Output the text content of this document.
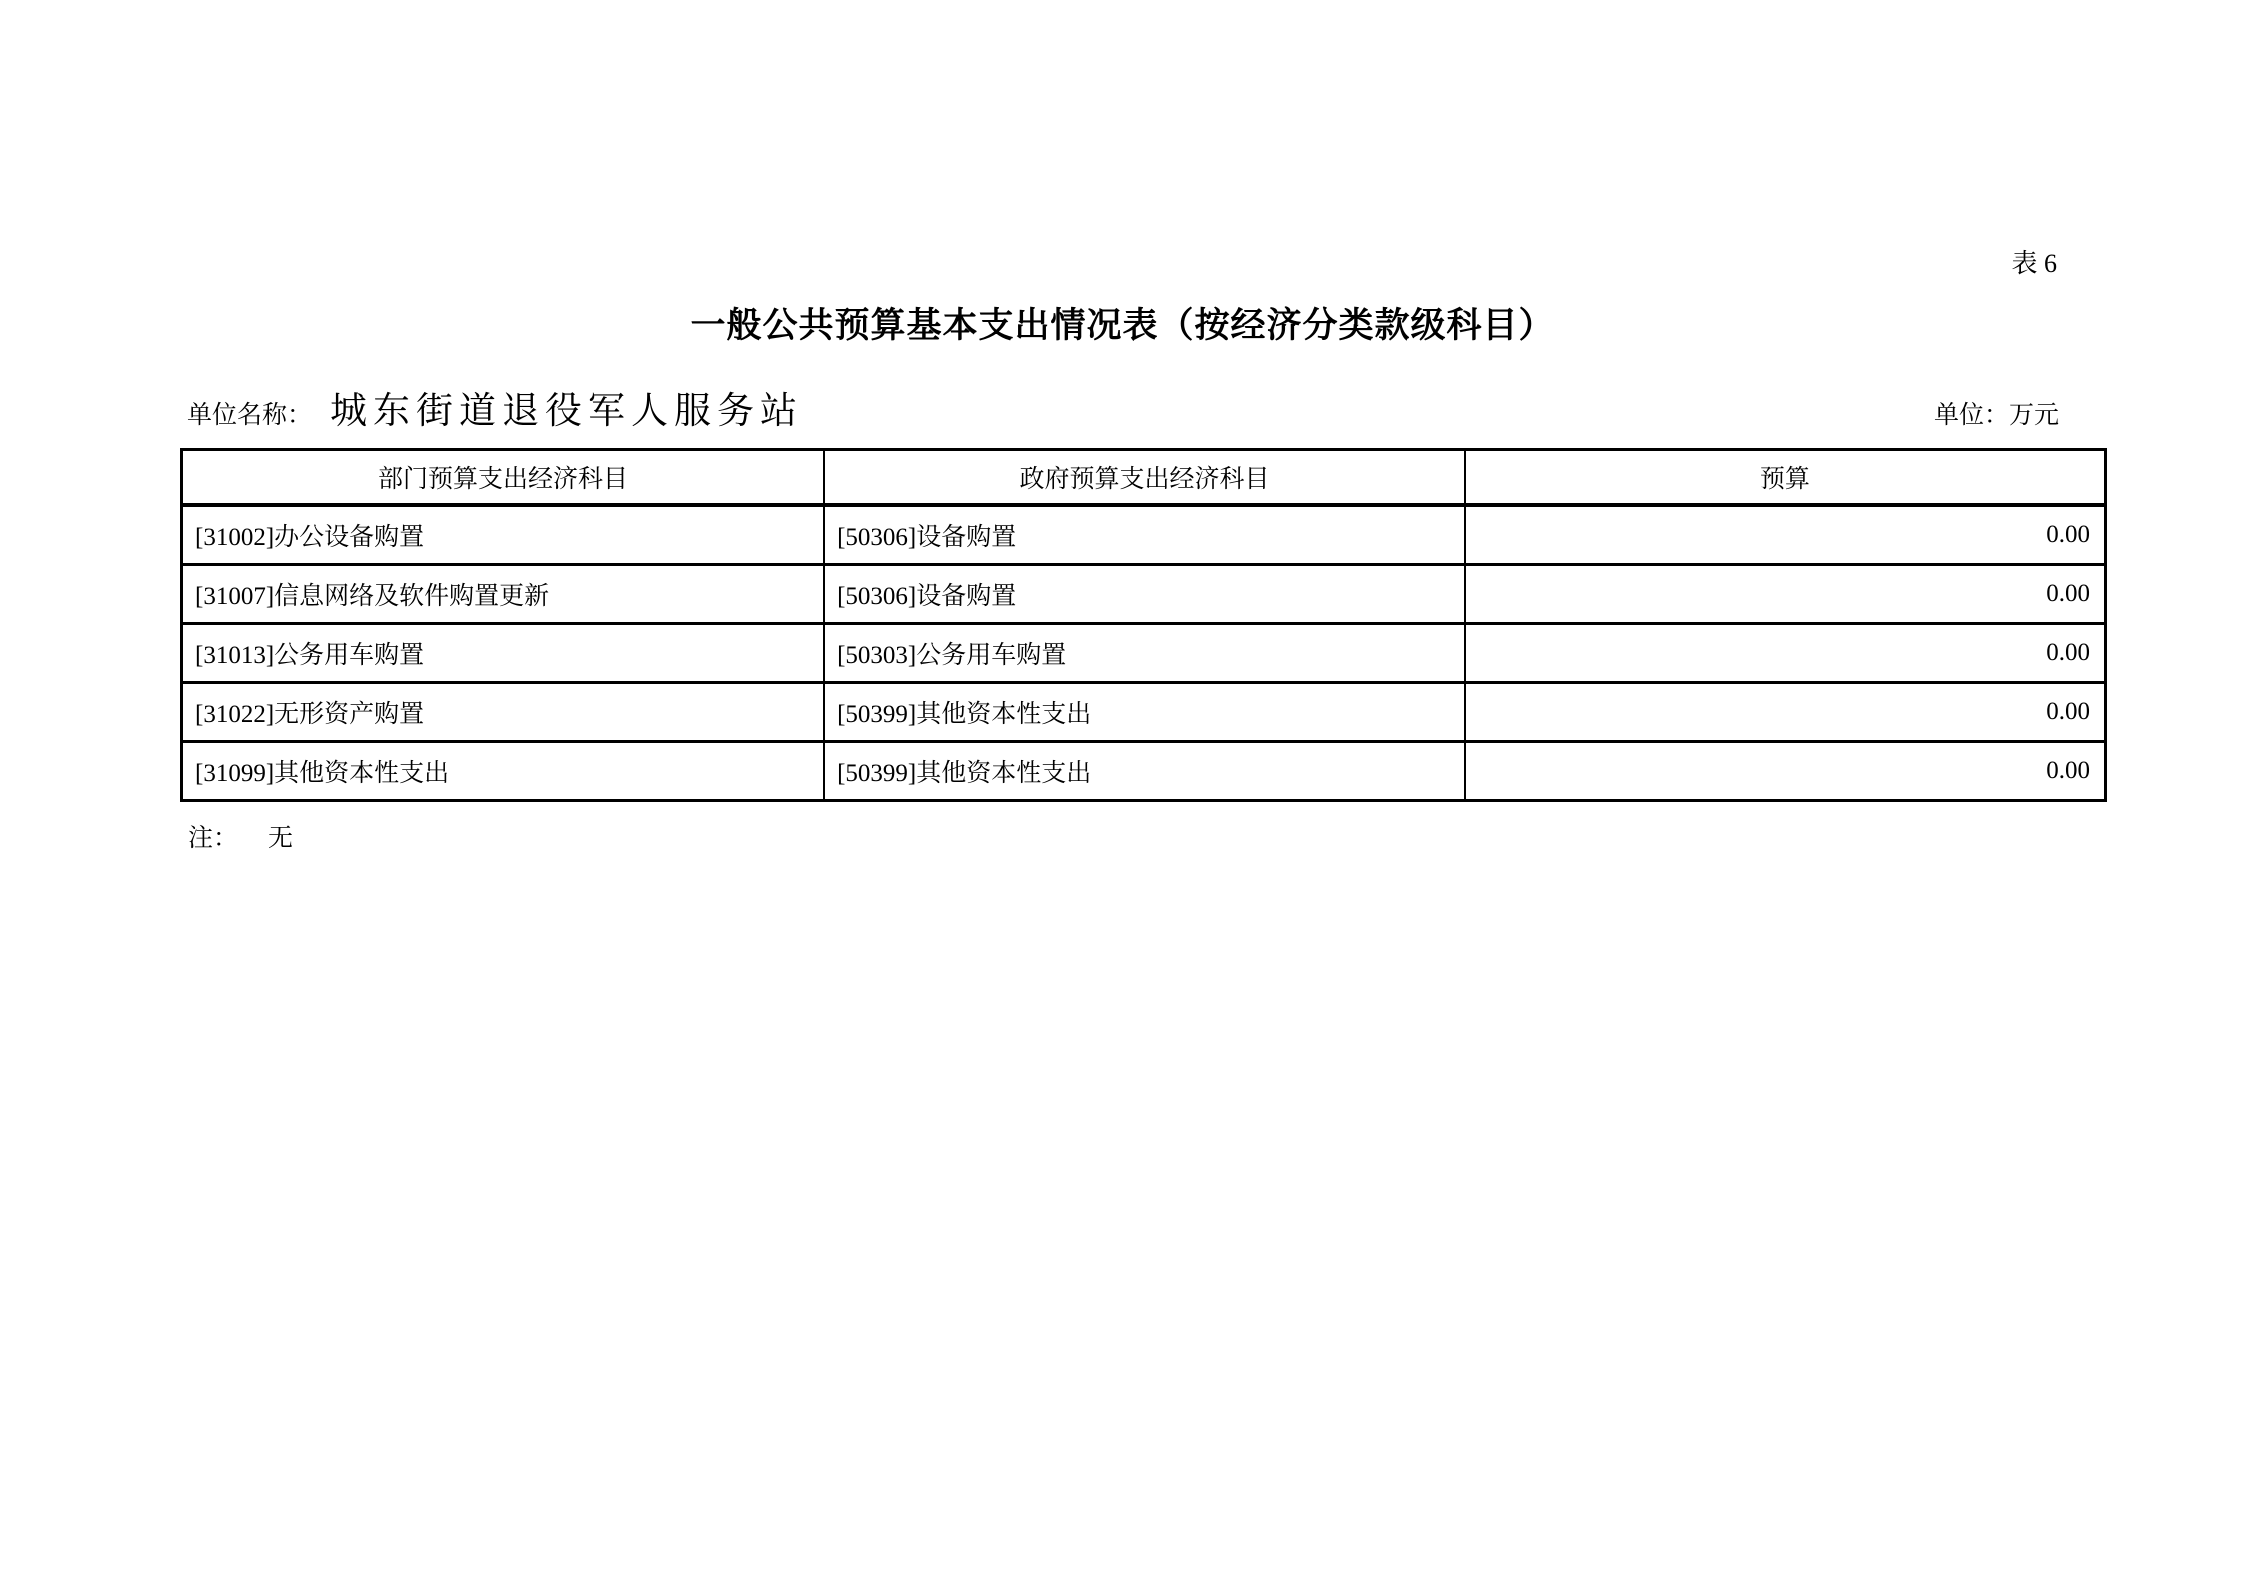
表 6
一般公共预算基本支出情况表（按经济分类款级科目）
单位名称： 城东街道退役军人服务站	单位：万元
部门预算支出经济科目	政府预算支出经济科目	预算
[31002]办公设备购置	[50306]设备购置	0.00
[31007]信息网络及软件购置更新	[50306]设备购置	0.00
[31013]公务用车购置	[50303]公务用车购置	0.00
[31022]无形资产购置	[50399]其他资本性支出	0.00
[31099]其他资本性支出	[50399]其他资本性支出	0.00
注： 无
